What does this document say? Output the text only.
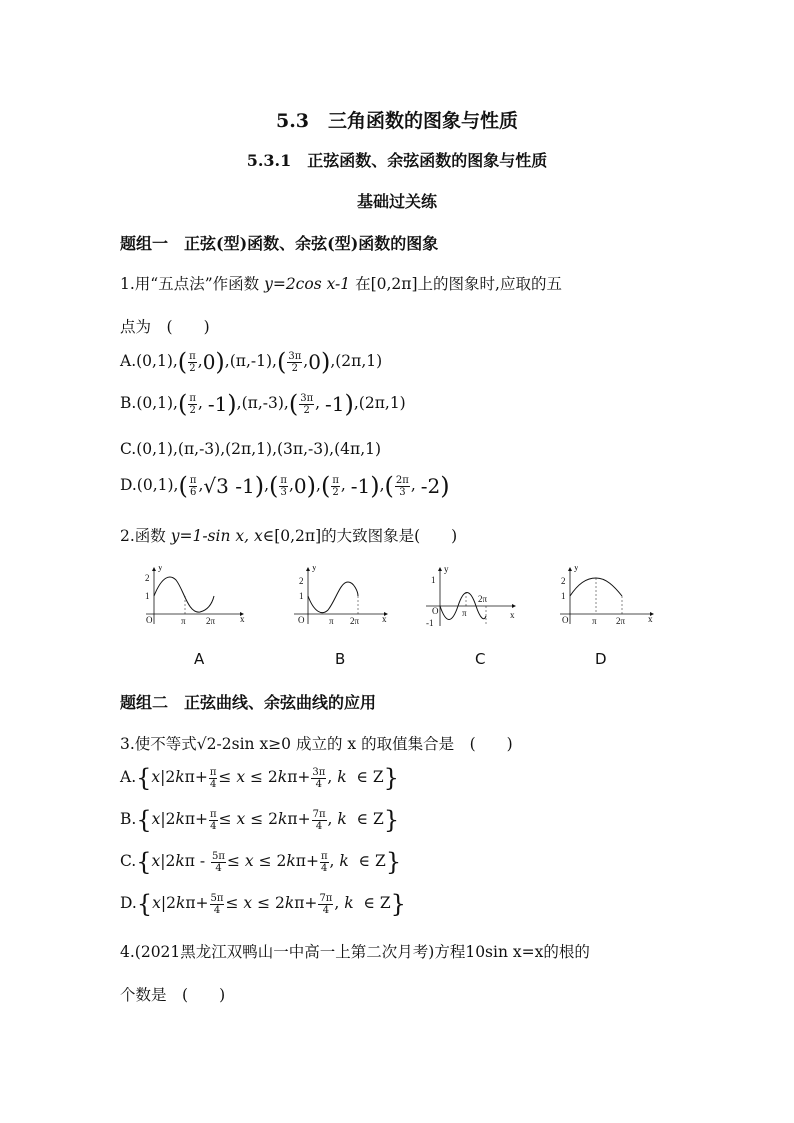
5.3　三角函数的图象与性质
5.3.1　正弦函数、余弦函数的图象与性质
基础过关练
题组一　正弦(型)函数、余弦(型)函数的图象
1.用“五点法”作函数 y=2cos x-1 在[0,2π]上的图象时,应取的五
点为　 (　　)
$A.(0,1),( \frac{\pi}{2} ,0),(\pi,-1),( \frac{3\pi}{2} ,0),(2\pi,1)$
$B.(0,1),( \frac{\pi}{2}$ , $-1),(\pi,-3),( \frac{3\pi}{2}$ , -1),(2π,1)
C.(0,1),(π,-3),(2π,1),(3π,-3),(4π,1)
$D.(0,1),( \frac{\pi}{6} ,√3$ $-1),( \frac{\pi}{3} ,0),( \frac{\pi}{2}$ , $-1),( \frac{2\pi}{3}$ , -2)
2.函数 y=1-sin x, x∈[0,2π]的大致图象是(　　)
y
x
2
1
O	π 2π
y
x
2
1
O	π 2π
y
x
1
O
-1
π
2π
y
x
2
1
O	π 2π
A	B	C	D
题组二　正弦曲线、余弦曲线的应用
3.使不等式√2-2sin x≥0 成立的 x 的取值集合是　 (　　)
$A.\{x|2k\pi+ \frac{\pi}{4} \le x \le 2k\pi+ \frac{3\pi}{4}$ , k  ∈ Z}
$B.\{x|2k\pi+ \frac{\pi}{4} \le x \le 2k\pi+ \frac{7\pi}{4}$ , k  ∈ Z}
$C.\{x|2k\pi - \frac{5\pi}{4} \le x \le 2k\pi+ \frac{\pi}{4}$ , k  ∈ Z}
$D.\{x|2k\pi+ \frac{5\pi}{4} \le x \le 2k\pi+ \frac{7\pi}{4}$ , k  ∈ Z}
4.(2021黑龙江双鸭山一中高一上第二次月考)方程10sin x=x的根的
个数是　 (　　)
